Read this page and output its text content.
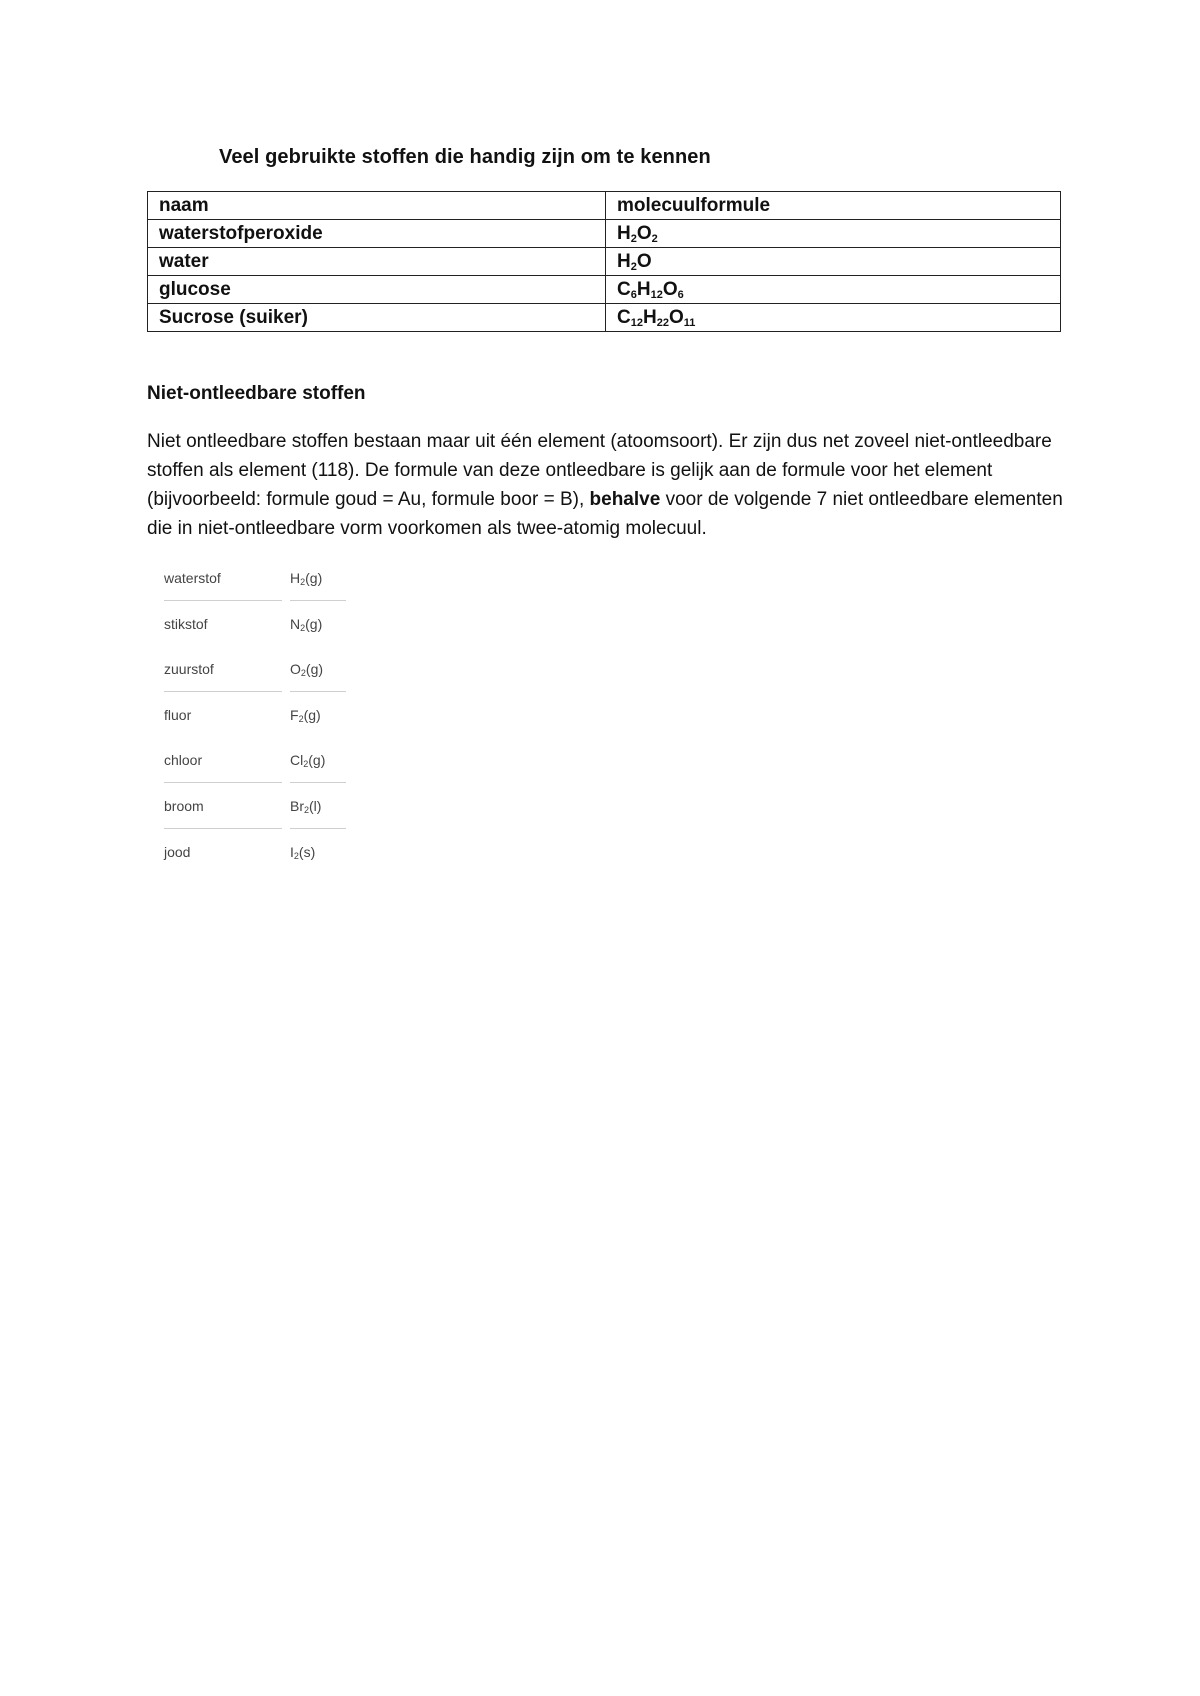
Veel gebruikte stoffen die handig zijn om te kennen
naam	molecuulformule
waterstofperoxide	$H_2O_2$
water	$H_2O$
glucose	$C_6H_{12}O_6$
Sucrose (suiker)	$C_{12}H_{22}O_{11}$
Niet-ontleedbare stoffen
Niet ontleedbare stoffen bestaan maar uit één element (atoomsoort). Er zijn dus net zoveel niet-ontleedbare stoffen als element (118). De formule van deze ontleedbare is gelijk aan de formule voor het element (bijvoorbeeld: formule goud = Au, formule boor = B), behalve voor de volgende 7 niet ontleedbare elementen die in niet-ontleedbare vorm voorkomen als twee-atomig molecuul.
waterstof	$H_2(g)$
stikstof	$N_2(g)$
zuurstof	$O_2(g)$
fluor	$F_2(g)$
chloor	$Cl_2(g)$
broom	$Br_2(l)$
jood	$I_2(s)$
